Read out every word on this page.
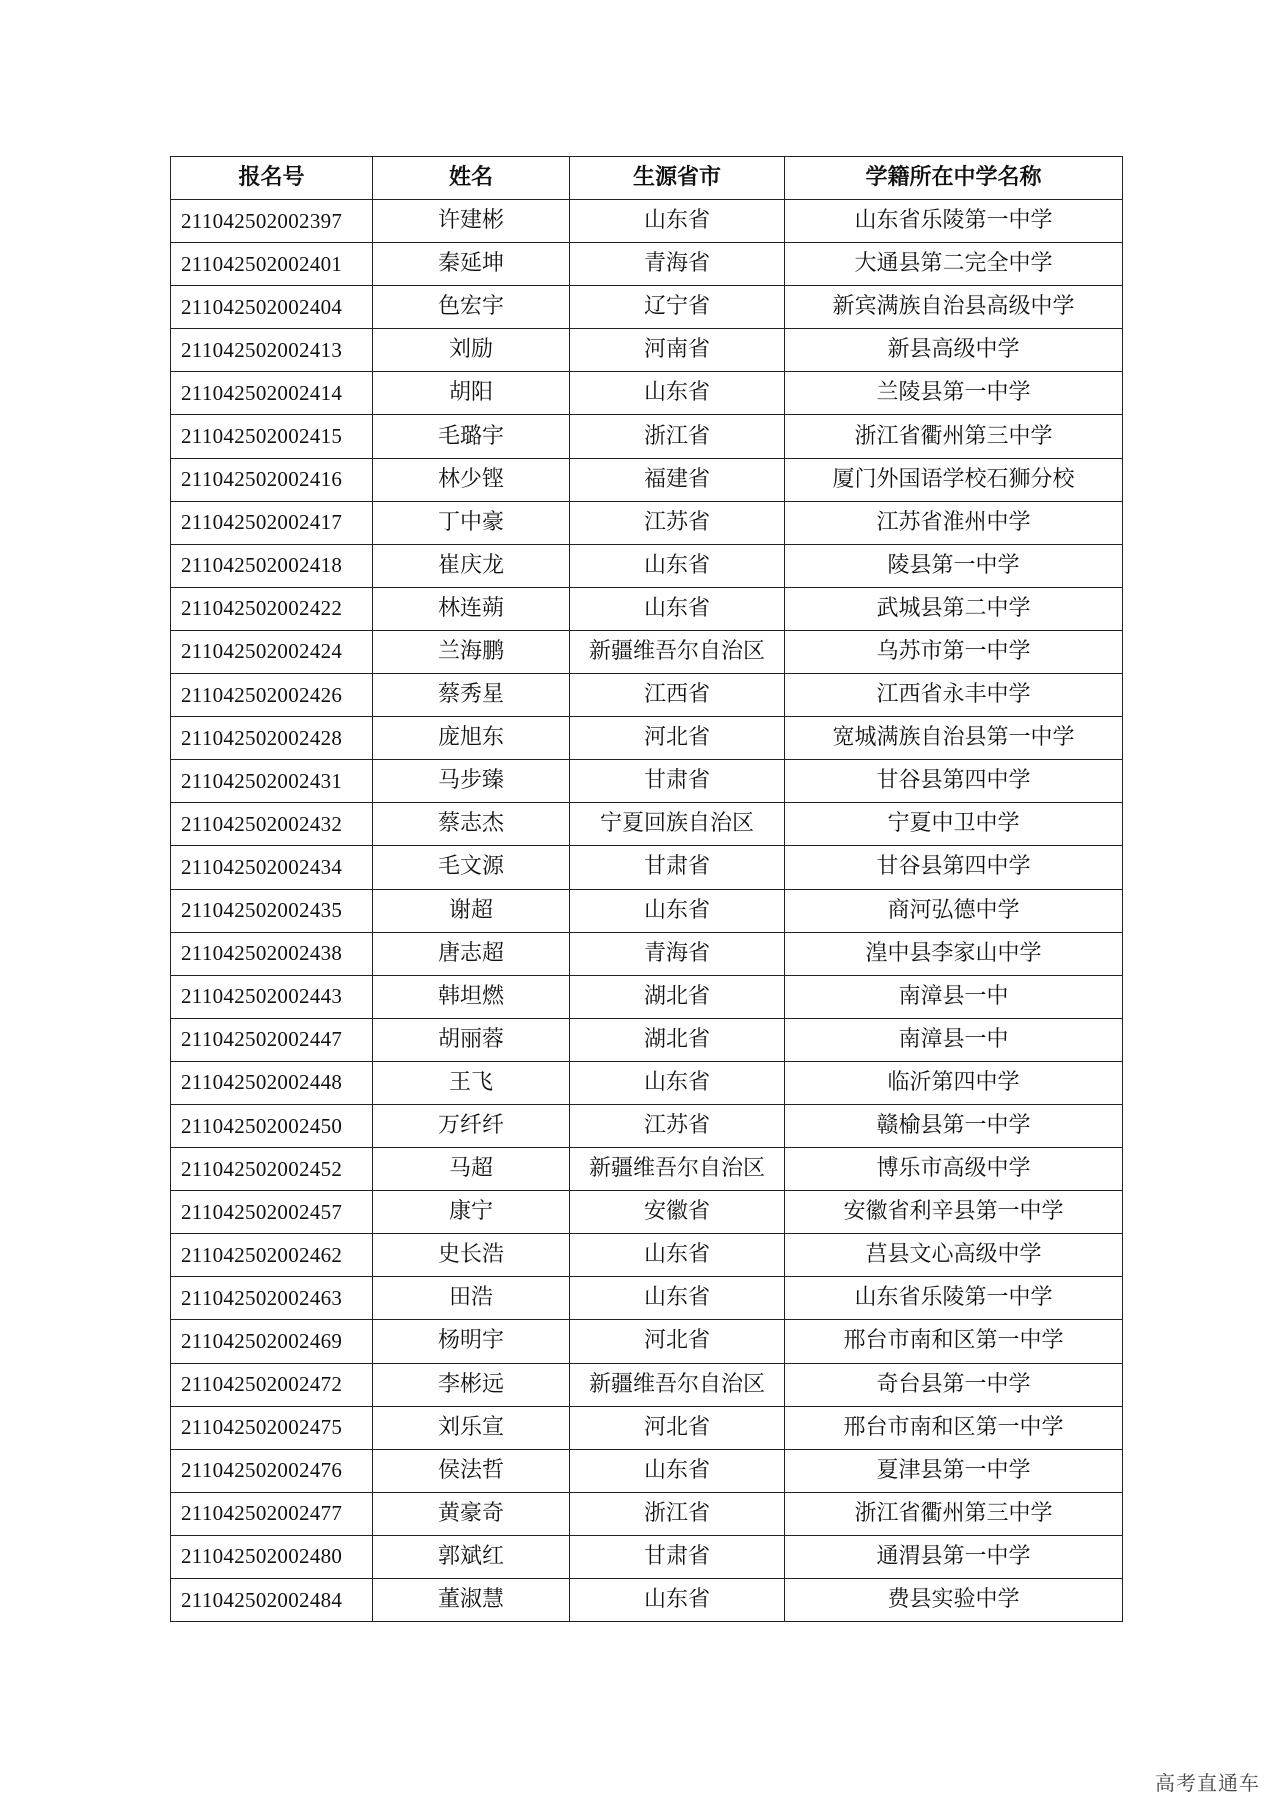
报名号	姓名	生源省市	学籍所在中学名称
211042502002397	许建彬	山东省	山东省乐陵第一中学
211042502002401	秦延坤	青海省	大通县第二完全中学
211042502002404	色宏宇	辽宁省	新宾满族自治县高级中学
211042502002413	刘励	河南省	新县高级中学
211042502002414	胡阳	山东省	兰陵县第一中学
211042502002415	毛璐宇	浙江省	浙江省衢州第三中学
211042502002416	林少铿	福建省	厦门外国语学校石狮分校
211042502002417	丁中豪	江苏省	江苏省淮州中学
211042502002418	崔庆龙	山东省	陵县第一中学
211042502002422	林连蒴	山东省	武城县第二中学
211042502002424	兰海鹏	新疆维吾尔自治区	乌苏市第一中学
211042502002426	蔡秀星	江西省	江西省永丰中学
211042502002428	庞旭东	河北省	宽城满族自治县第一中学
211042502002431	马步臻	甘肃省	甘谷县第四中学
211042502002432	蔡志杰	宁夏回族自治区	宁夏中卫中学
211042502002434	毛文源	甘肃省	甘谷县第四中学
211042502002435	谢超	山东省	商河弘德中学
211042502002438	唐志超	青海省	湟中县李家山中学
211042502002443	韩坦燃	湖北省	南漳县一中
211042502002447	胡丽蓉	湖北省	南漳县一中
211042502002448	王飞	山东省	临沂第四中学
211042502002450	万纤纤	江苏省	赣榆县第一中学
211042502002452	马超	新疆维吾尔自治区	博乐市高级中学
211042502002457	康宁	安徽省	安徽省利辛县第一中学
211042502002462	史长浩	山东省	莒县文心高级中学
211042502002463	田浩	山东省	山东省乐陵第一中学
211042502002469	杨明宇	河北省	邢台市南和区第一中学
211042502002472	李彬远	新疆维吾尔自治区	奇台县第一中学
211042502002475	刘乐宣	河北省	邢台市南和区第一中学
211042502002476	侯法哲	山东省	夏津县第一中学
211042502002477	黄豪奇	浙江省	浙江省衢州第三中学
211042502002480	郭斌红	甘肃省	通渭县第一中学
211042502002484	董淑慧	山东省	费县实验中学
高考直通车
